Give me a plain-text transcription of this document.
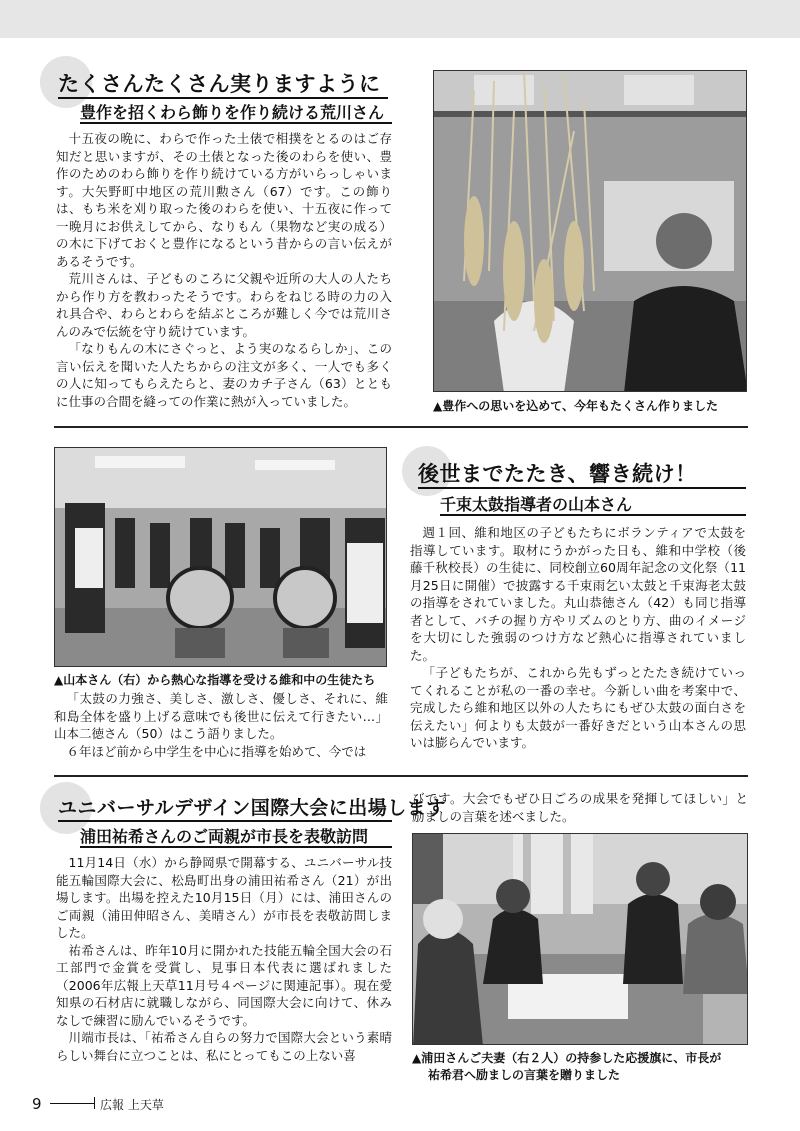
たくさんたくさん実りますように
豊作を招くわら飾りを作り続ける荒川さん

十五夜の晩に、わらで作った土俵で相撲をとるのはご存知だと思いますが、その土俵となった後のわらを使い、豊作のためのわら飾りを作り続けている方がいらっしゃいます。大矢野町中地区の荒川勲さん（67）です。この飾りは、もち米を刈り取った後のわらを使い、十五夜に作って一晩月にお供えしてから、なりもん（果物など実の成る）の木に下げておくと豊作になるという昔からの言い伝えがあるそうです。

荒川さんは、子どものころに父親や近所の大人の人たちから作り方を教わったそうです。わらをねじる時の力の入れ具合や、わらとわらを結ぶところが難しく今では荒川さんのみで伝統を守り続けています。

「なりもんの木にさぐっと、よう実のなるらしか」、この言い伝えを聞いた人たちからの注文が多く、一人でも多くの人に知ってもらえたらと、妻のカチ子さん（63）とともに仕事の合間を縫っての作業に熱が入っていました。	▲豊作への思いを込めて、今年もたくさん作りました
▲山本さん（右）から熱心な指導を受ける維和中の生徒たち

「太鼓の力強さ、美しさ、激しさ、優しさ、それに、維和島全体を盛り上げる意味でも後世に伝えて行きたい…」山本二徳さん（50）はこう語りました。

６年ほど前から中学生を中心に指導を始めて、今では

後世までたたき、響き続け！
千束太鼓指導者の山本さん

週１回、維和地区の子どもたちにボランティアで太鼓を指導しています。取材にうかがった日も、維和中学校（後藤千秋校長）の生徒に、同校創立60周年記念の文化祭（11月25日に開催）で披露する千束雨乞い太鼓と千束海老太鼓の指導をされていました。丸山恭徳さん（42）も同じ指導者として、バチの握り方やリズムのとり方、曲のイメージを大切にした強弱のつけ方など熱心に指導されていました。

「子どもたちが、これから先もずっとたたき続けていってくれることが私の一番の幸せ。今新しい曲を考案中で、完成したら維和地区以外の人たちにもぜひ太鼓の面白さを伝えたい」何よりも太鼓が一番好きだという山本さんの思いは膨らんでいます。

ユニバーサルデザイン国際大会に出場します
浦田祐希さんのご両親が市長を表敬訪問

11月14日（水）から静岡県で開幕する、ユニバーサル技能五輪国際大会に、松島町出身の浦田祐希さん（21）が出場します。出場を控えた10月15日（月）には、浦田さんのご両親（浦田伸昭さん、美晴さん）が市長を表敬訪問しました。

祐希さんは、昨年10月に開かれた技能五輪全国大会の石工部門で金賞を受賞し、見事日本代表に選ばれました（2006年広報上天草11月号４ページに関連記事）。現在愛知県の石材店に就職しながら、同国際大会に向けて、休みなしで練習に励んでいるそうです。

川端市長は、「祐希さん自らの努力で国際大会という素晴らしい舞台に立つことは、私にとってもこの上ない喜

びです。大会でもぜひ日ごろの成果を発揮してほしい」と励ましの言葉を述べました。

▲浦田さんご夫妻（右２人）の持参した応援旗に、市長が
祐希君へ励ましの言葉を贈りました
9	広報 上天草
